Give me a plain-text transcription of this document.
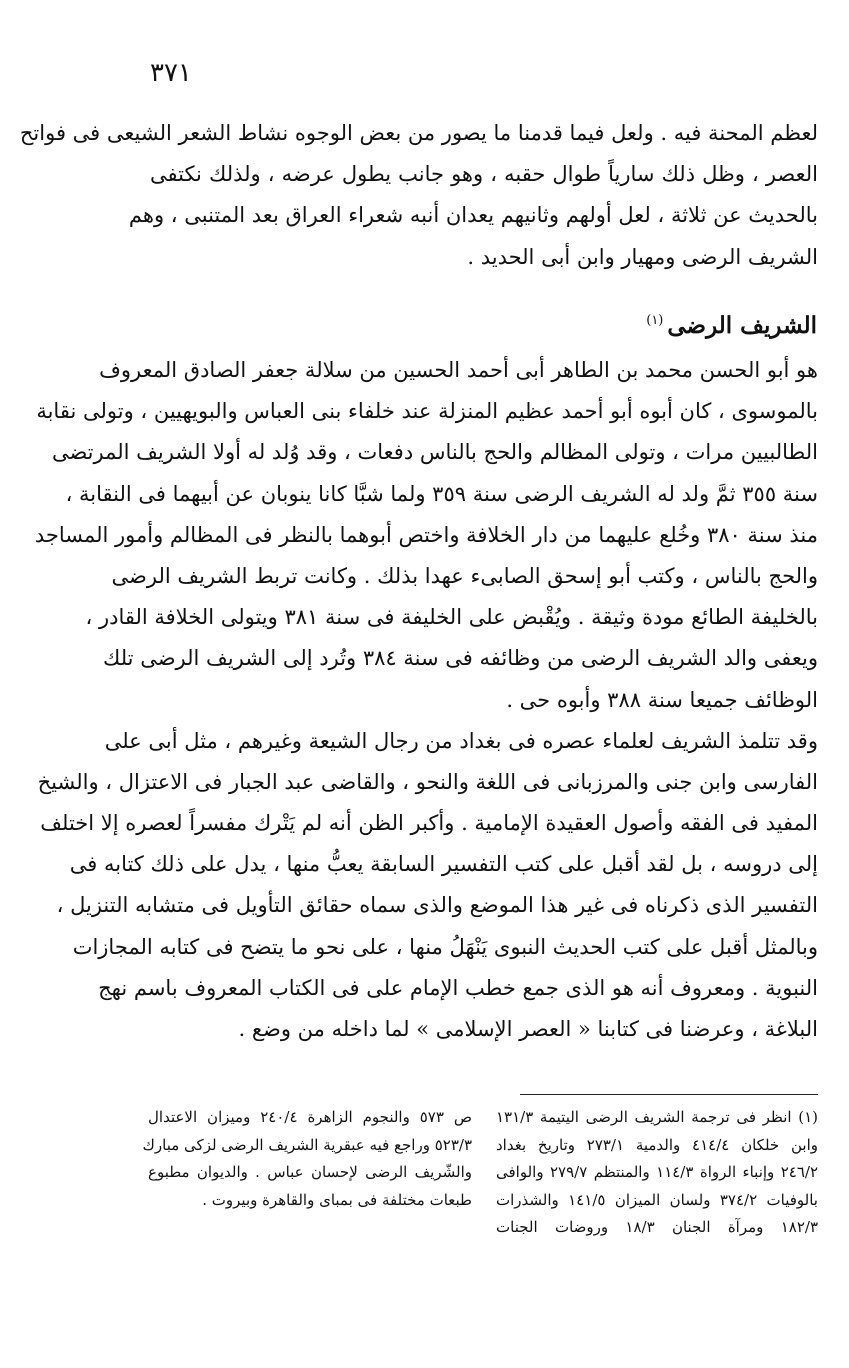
٣٧١
لعظم المحنة فيه . ولعل فيما قدمنا ما يصور من بعض الوجوه نشاط الشعر الشيعى فى فواتح
العصر ، وظل ذلك سارياً طوال حقبه ، وهو جانب يطول عرضه ، ولذلك نكتفى
بالحديث عن ثلاثة ، لعل أولهم وثانيهم يعدان أنبه شعراء العراق بعد المتنبى ، وهم
الشريف الرضى ومهيار وابن أبى الحديد .
الشريف الرضى$^{(١)}$
هو أبو الحسن محمد بن الطاهر أبى أحمد الحسين من سلالة جعفر الصادق المعروف
بالموسوى ، كان أبوه أبو أحمد عظيم المنزلة عند خلفاء بنى العباس والبويهيين ، وتولى نقابة
الطالبيين مرات ، وتولى المظالم والحج بالناس دفعات ، وقد وُلد له أولا الشريف المرتضى
سنة ٣٥٥ ثمَّ ولد له الشريف الرضى سنة ٣٥٩ ولما شبَّا كانا ينوبان عن أبيهما فى النقابة ،
منذ سنة ٣٨٠ وخُلع عليهما من دار الخلافة واختص أبوهما بالنظر فى المظالم وأمور المساجد
والحج بالناس ، وكتب أبو إسحق الصابىء عهدا بذلك . وكانت تربط الشريف الرضى
بالخليفة الطائع مودة وثيقة . ويُقْبض على الخليفة فى سنة ٣٨١ ويتولى الخلافة القادر ،
ويعفى والد الشريف الرضى من وظائفه فى سنة ٣٨٤ وتُرد إلى الشريف الرضى تلك
الوظائف جميعا سنة ٣٨٨ وأبوه حى .
وقد تتلمذ الشريف لعلماء عصره فى بغداد من رجال الشيعة وغيرهم ، مثل أبى على
الفارسى وابن جنى والمرزبانى فى اللغة والنحو ، والقاضى عبد الجبار فى الاعتزال ، والشيخ
المفيد فى الفقه وأصول العقيدة الإمامية . وأكبر الظن أنه لم يَتْرك مفسراً لعصره إلا اختلف
إلى دروسه ، بل لقد أقبل على كتب التفسير السابقة يعبُّ منها ، يدل على ذلك كتابه فى
التفسير الذى ذكرناه فى غير هذا الموضع والذى سماه حقائق التأويل فى متشابه التنزيل ،
وبالمثل أقبل على كتب الحديث النبوى يَنْهَلُ منها ، على نحو ما يتضح فى كتابه المجازات
النبوية . ومعروف أنه هو الذى جمع خطب الإمام على فى الكتاب المعروف باسم نهج
البلاغة ، وعرضنا فى كتابنا « العصر الإسلامى » لما داخله من وضع .
(١) انظر فى ترجمة الشريف الرضى اليتيمة ١٣١/٣
وابن خلكان ٤١٤/٤ والدمية ٢٧٣/١ وتاريخ بغداد
٢٤٦/٢ وإنباء الرواة ١١٤/٣ والمنتظم ٢٧٩/٧ والوافى
بالوفيات ٣٧٤/٢ ولسان الميزان ١٤١/٥ والشذرات
١٨٢/٣ ومرآة الجنان ١٨/٣ وروضات الجنات
ص ٥٧٣ والنجوم الزاهرة ٢٤٠/٤ وميزان الاعتدال
٥٢٣/٣ وراجع فيه عبقرية الشريف الرضى لزكى مبارك
والشّريف الرضى لإحسان عباس . والديوان مطبوع
طبعات مختلفة فى بمباى والقاهرة وبيروت .
